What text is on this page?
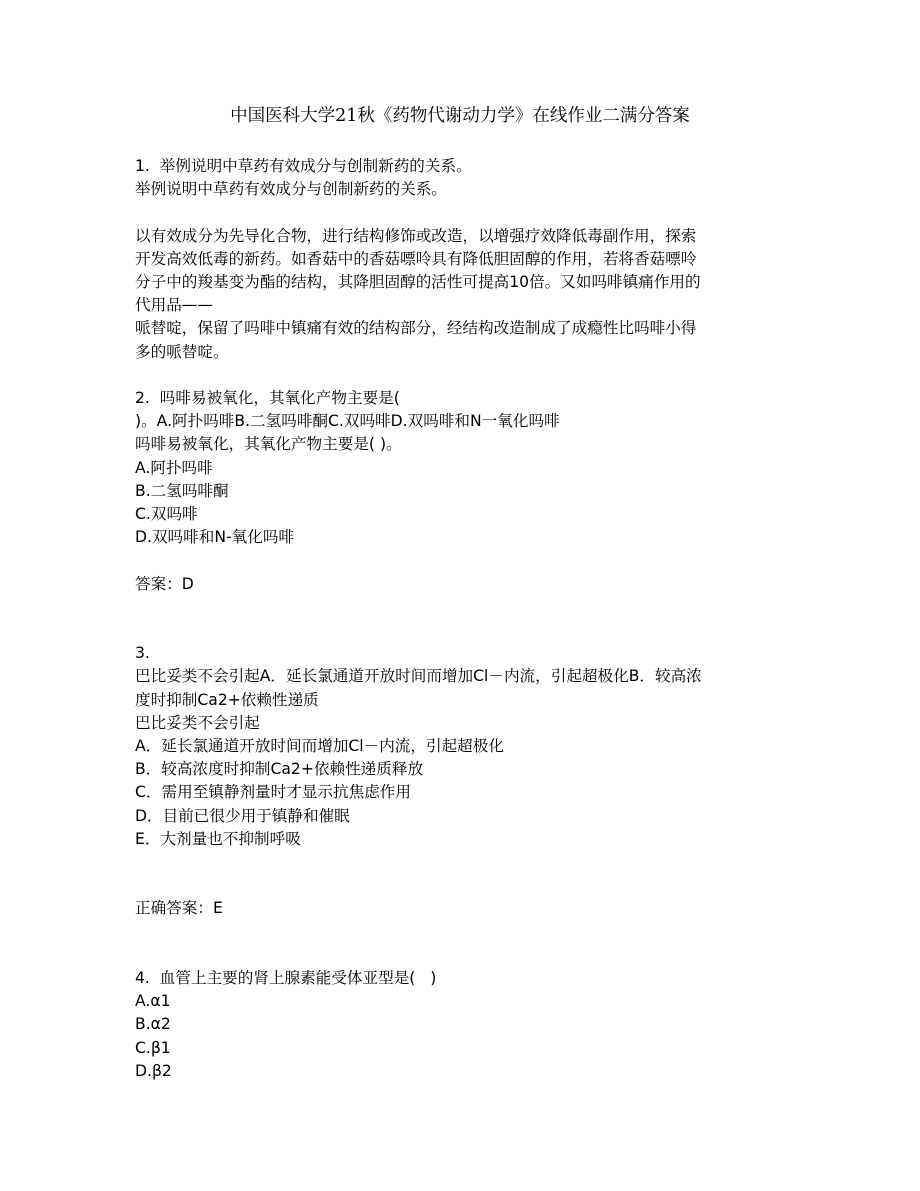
中国医科大学21秋《药物代谢动力学》在线作业二满分答案
1.  举例说明中草药有效成分与创制新药的关系。
举例说明中草药有效成分与创制新药的关系。
以有效成分为先导化合物，进行结构修饰或改造，以增强疗效降低毒副作用，探索
开发高效低毒的新药。如香菇中的香菇嘌呤具有降低胆固醇的作用，若将香菇嘌呤
分子中的羧基变为酯的结构，其降胆固醇的活性可提高10倍。又如吗啡镇痛作用的
代用品——
哌替啶，保留了吗啡中镇痛有效的结构部分，经结构改造制成了成瘾性比吗啡小得
多的哌替啶。
2.  吗啡易被氧化，其氧化产物主要是(
)。A.阿扑吗啡B.二氢吗啡酮C.双吗啡D.双吗啡和N一氧化吗啡
吗啡易被氧化，其氧化产物主要是( )。
A.阿扑吗啡
B.二氢吗啡酮
C.双吗啡
D.双吗啡和N-氧化吗啡
答案：D
3.
巴比妥类不会引起A．延长氯通道开放时间而增加Cl－内流，引起超极化B．较高浓
度时抑制Ca2+依赖性递质
巴比妥类不会引起
A．延长氯通道开放时间而增加Cl－内流，引起超极化
B．较高浓度时抑制Ca2+依赖性递质释放
C．需用至镇静剂量时才显示抗焦虑作用
D．目前已很少用于镇静和催眠
E．大剂量也不抑制呼吸
正确答案：E
4.  血管上主要的肾上腺素能受体亚型是(   )
A.α1
B.α2
C.β1
D.β2
